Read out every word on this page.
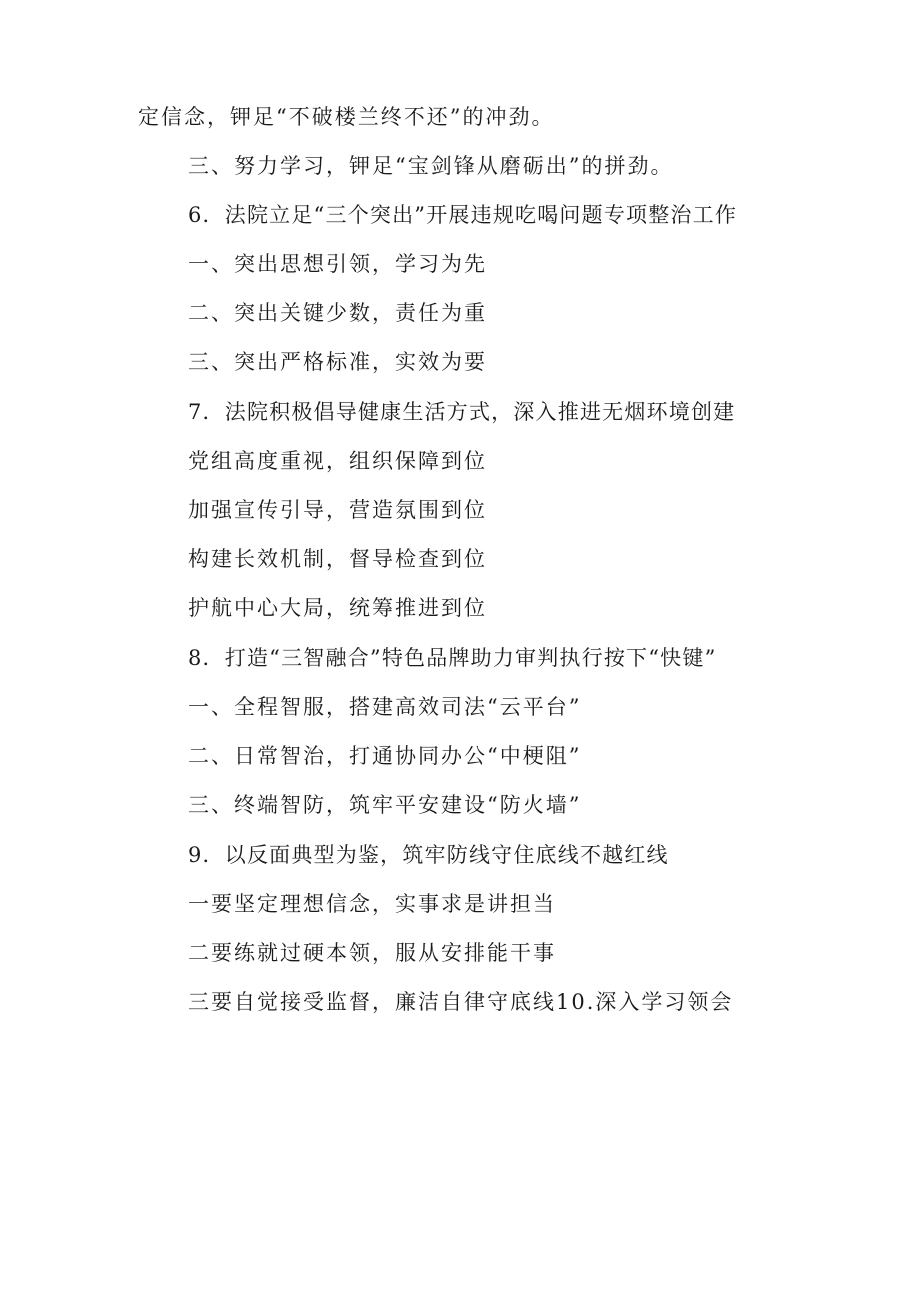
定信念，钾足“不破楼兰终不还”的冲劲。
三、努力学习，钾足“宝剑锋从磨砺出”的拼劲。
6．法院立足“三个突出”开展违规吃喝问题专项整治工作
一、突出思想引领，学习为先
二、突出关键少数，责任为重
三、突出严格标准，实效为要
7．法院积极倡导健康生活方式，深入推进无烟环境创建
党组高度重视，组织保障到位
加强宣传引导，营造氛围到位
构建长效机制，督导检查到位
护航中心大局，统筹推进到位
8．打造“三智融合”特色品牌助力审判执行按下“快键”
一、全程智服，搭建高效司法“云平台”
二、日常智治，打通协同办公“中梗阻”
三、终端智防，筑牢平安建设“防火墙”
9．以反面典型为鉴，筑牢防线守住底线不越红线
一要坚定理想信念，实事求是讲担当
二要练就过硬本领，服从安排能干事
三要自觉接受监督，廉洁自律守底线10.深入学习领会
